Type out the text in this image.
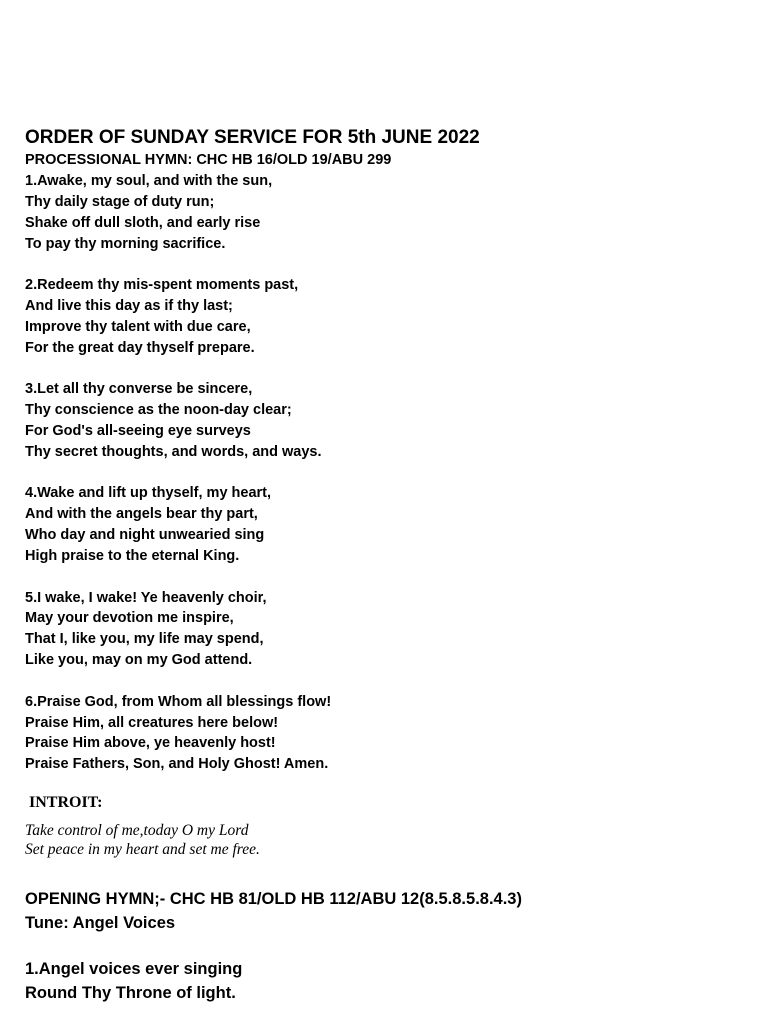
ORDER OF SUNDAY SERVICE FOR 5th JUNE 2022
PROCESSIONAL HYMN: CHC HB 16/OLD 19/ABU 299
1.Awake, my soul, and with the sun,
Thy daily stage of duty run;
Shake off dull sloth, and early rise
To pay thy morning sacrifice.
2.Redeem thy mis-spent moments past,
And live this day as if thy last;
Improve thy talent with due care,
For the great day thyself prepare.
3.Let all thy converse be sincere,
Thy conscience as the noon-day clear;
For God's all-seeing eye surveys
Thy secret thoughts, and words, and ways.
4.Wake and lift up thyself, my heart,
And with the angels bear thy part,
Who day and night unwearied sing
High praise to the eternal King.
5.I wake, I wake! Ye heavenly choir,
May your devotion me inspire,
That I, like you, my life may spend,
Like you, may on my God attend.
6.Praise God, from Whom all blessings flow!
Praise Him, all creatures here below!
Praise Him above, ye heavenly host!
Praise Fathers, Son, and Holy Ghost! Amen.
INTROIT:
Take control of me,today O my Lord
Set peace in my heart and set me free.
OPENING HYMN;- CHC HB 81/OLD HB 112/ABU 12(8.5.8.5.8.4.3)
Tune: Angel Voices
1.Angel voices ever singing
Round Thy Throne of light.
